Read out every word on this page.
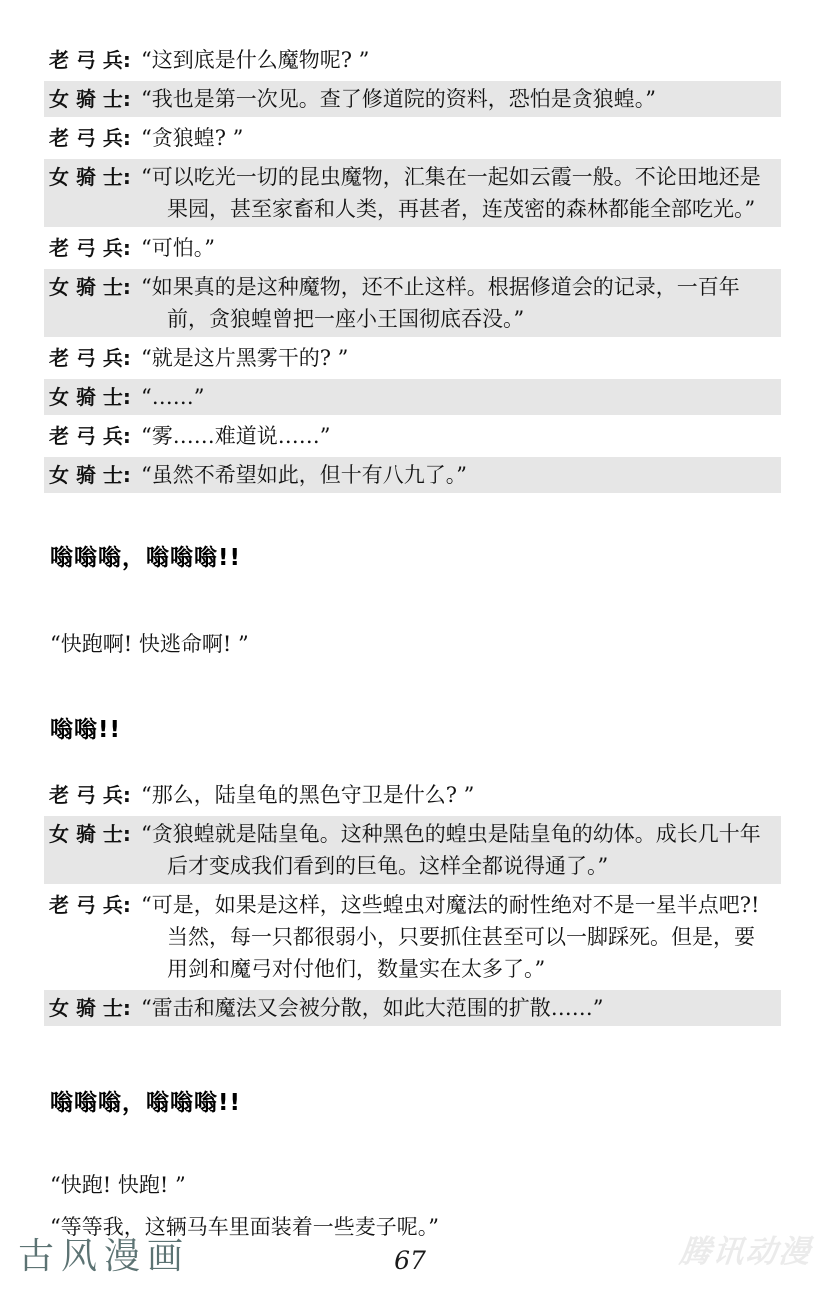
老 弓 兵: “这到底是什么魔物呢? ”
女 骑 士: “我也是第一次见。查了修道院的资料，恐怕是贪狼蝗。”
老 弓 兵: “贪狼蝗? ”
女 骑 士: “可以吃光一切的昆虫魔物，汇集在一起如云霞一般。不论田地还是果园，甚至家畜和人类，再甚者，连茂密的森林都能全部吃光。”
老 弓 兵: “可怕。”
女 骑 士: “如果真的是这种魔物，还不止这样。根据修道会的记录，一百年前，贪狼蝗曾把一座小王国彻底吞没。”
老 弓 兵: “就是这片黑雾干的? ”
女 骑 士: “……”
老 弓 兵: “雾……难道说……”
女 骑 士: “虽然不希望如此，但十有八九了。”
嗡嗡嗡，嗡嗡嗡!!
“快跑啊! 快逃命啊! ”
嗡嗡!!
老 弓 兵: “那么，陆皇龟的黑色守卫是什么? ”
女 骑 士: “贪狼蝗就是陆皇龟。这种黑色的蝗虫是陆皇龟的幼体。成长几十年后才变成我们看到的巨龟。这样全都说得通了。”
老 弓 兵: “可是，如果是这样，这些蝗虫对魔法的耐性绝对不是一星半点吧?!当然，每一只都很弱小，只要抓住甚至可以一脚踩死。但是，要用剑和魔弓对付他们，数量实在太多了。”
女 骑 士: “雷击和魔法又会被分散，如此大范围的扩散……”
嗡嗡嗡，嗡嗡嗡!!
“快跑! 快跑! ”
“等等我，这辆马车里面装着一些麦子呢。”
古风漫画	67	腾讯动漫
